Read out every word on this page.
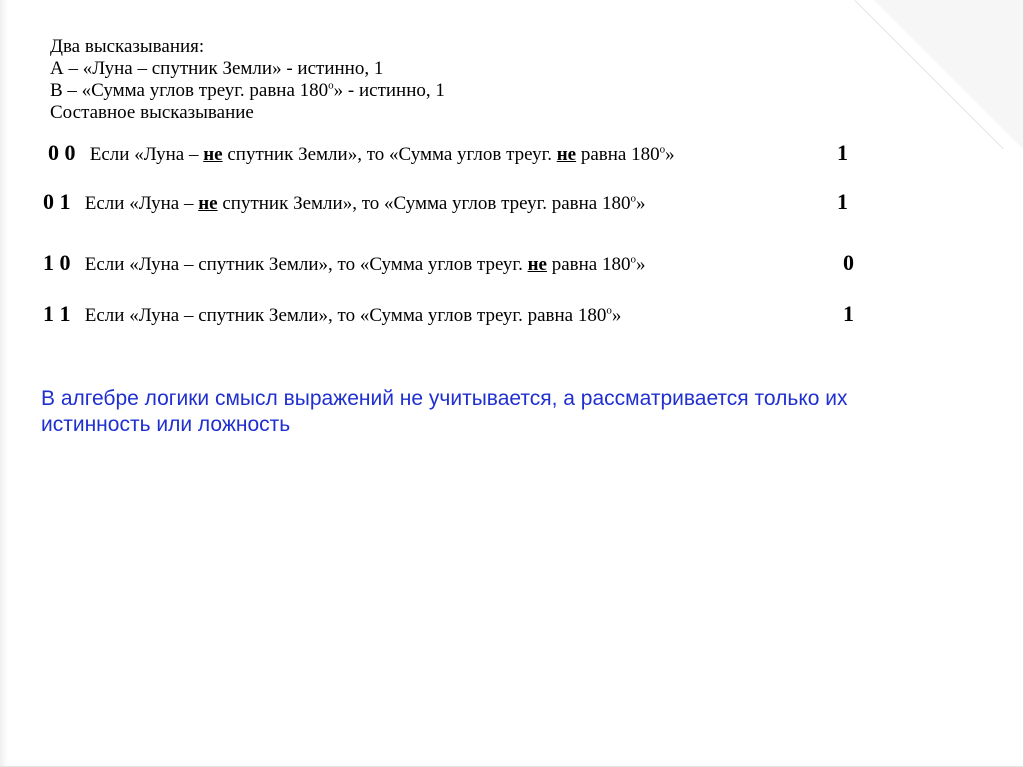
Два высказывания:
А – «Луна – спутник Земли» - истинно, 1
В – «Сумма углов треуг. равна $180^о$» - истинно, 1
Составное высказывание
0 0 Если «Луна – не спутник Земли», то «Сумма углов треуг. не равна $180^о$»	1
0 1 Если «Луна – не спутник Земли», то «Сумма углов треуг. равна $180^о$»	1
1 0 Если «Луна – спутник Земли», то «Сумма углов треуг. не равна $180^о$»	0
1 1 Если «Луна – спутник Земли», то «Сумма углов треуг. равна $180^о$»	1
В алгебре логики смысл выражений не учитывается, а рассматривается только их истинность или ложность
